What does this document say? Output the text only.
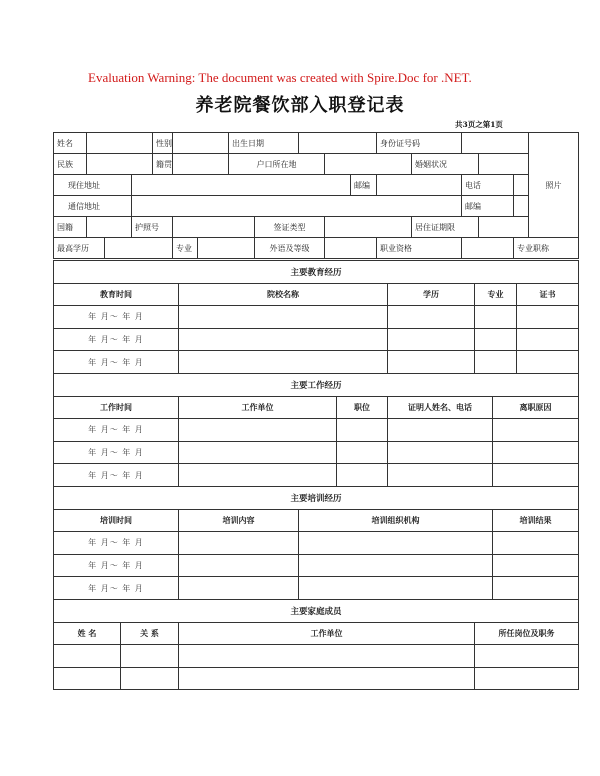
Evaluation Warning: The document was created with Spire.Doc for .NET.
养老院餐饮部入职登记表
共3页之第1页
姓名				性别			出生日期					身份证号码					照片	
民族				籍贯			户口所在地						婚姻状况					
现住地址											邮编			电话				
通信地址														邮编				
国籍			护照号					签证类型					居住证期限					
最高学历					专业			外语及等级				职业资格				专业职称		
主要教育经历								
教育时间		院校名称			学历	专业		证书
年 月～ 年 月								
年 月～ 年 月								
年 月～ 年 月								
主要工作经历								
工作时间		工作单位		职位	证明人姓名、电话		离职原因	
年 月～ 年 月								
年 月～ 年 月								
年 月～ 年 月								
主要培训经历								
培训时间		培训内容	培训组织机构				培训结果	
年 月～ 年 月								
年 月～ 年 月								
年 月～ 年 月								
主要家庭成员								
姓 名	关 系	工作单位				所任岗位及职务		
